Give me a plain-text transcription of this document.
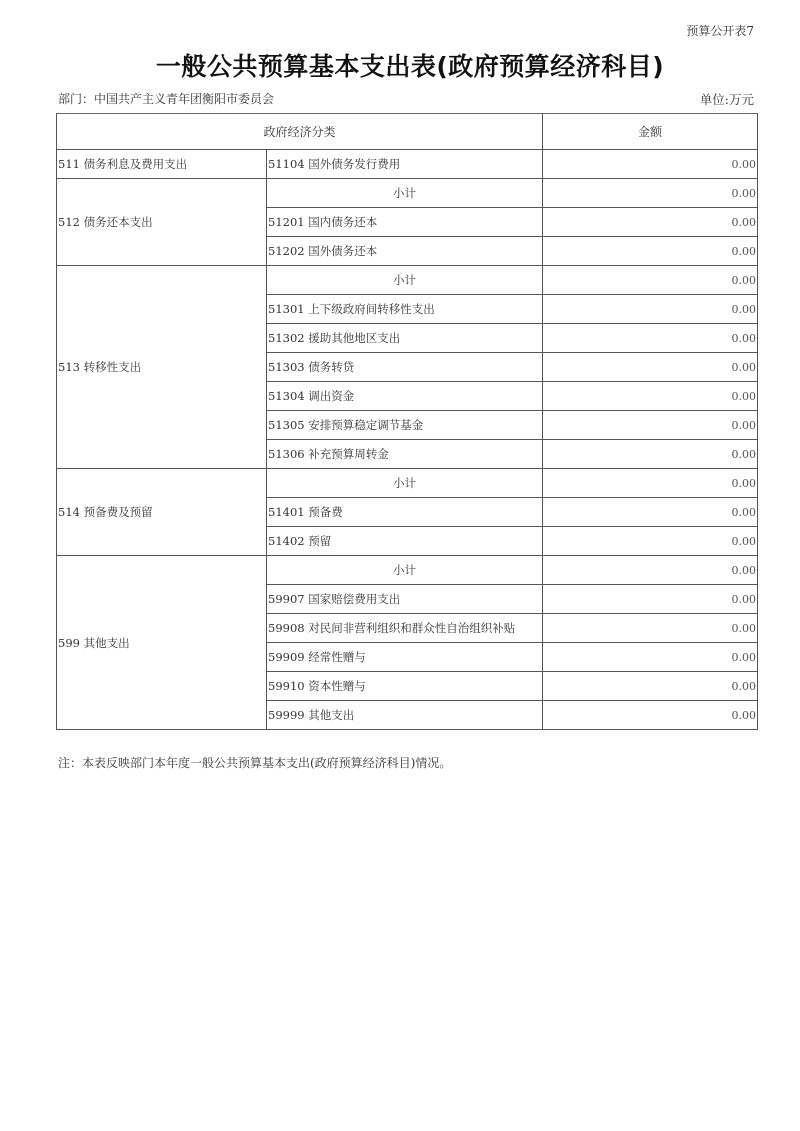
预算公开表7
一般公共预算基本支出表(政府预算经济科目)
部门：中国共产主义青年团衡阳市委员会	单位:万元
政府经济分类		金额
511 债务利息及费用支出	51104 国外债务发行费用	0.00
512 债务还本支出	小计	0.00
	51201 国内债务还本	0.00
	51202 国外债务还本	0.00
513 转移性支出	小计	0.00
	51301 上下级政府间转移性支出	0.00
	51302 援助其他地区支出	0.00
	51303 债务转贷	0.00
	51304 调出资金	0.00
	51305 安排预算稳定调节基金	0.00
	51306 补充预算周转金	0.00
514 预备费及预留	小计	0.00
	51401 预备费	0.00
	51402 预留	0.00
599 其他支出	小计	0.00
	59907 国家赔偿费用支出	0.00
	59908 对民间非营利组织和群众性自治组织补贴	0.00
	59909 经常性赠与	0.00
	59910 资本性赠与	0.00
	59999 其他支出	0.00
注：本表反映部门本年度一般公共预算基本支出(政府预算经济科目)情况。
